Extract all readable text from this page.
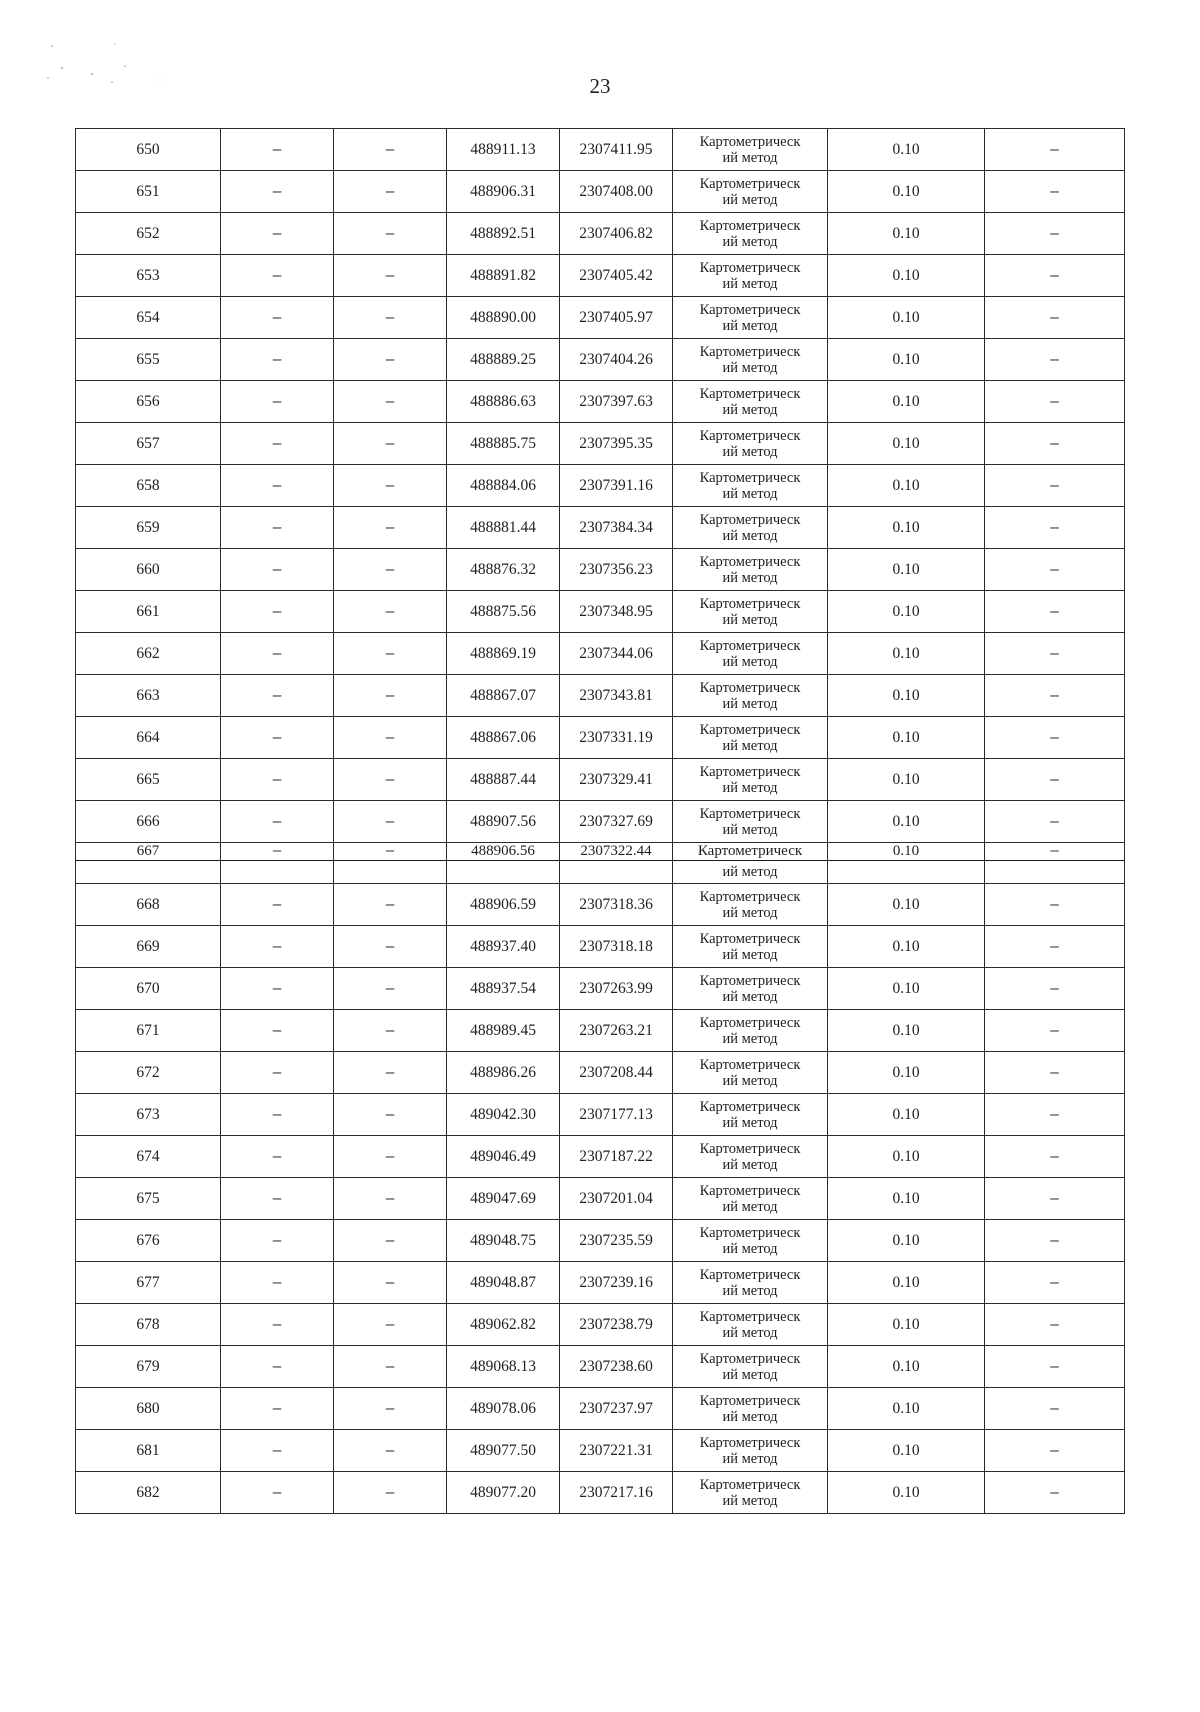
23
650	–	–	488911.13	2307411.95	Картометрическ
ий метод	0.10	–
651	–	–	488906.31	2307408.00	Картометрическ
ий метод	0.10	–
652	–	–	488892.51	2307406.82	Картометрическ
ий метод	0.10	–
653	–	–	488891.82	2307405.42	Картометрическ
ий метод	0.10	–
654	–	–	488890.00	2307405.97	Картометрическ
ий метод	0.10	–
655	–	–	488889.25	2307404.26	Картометрическ
ий метод	0.10	–
656	–	–	488886.63	2307397.63	Картометрическ
ий метод	0.10	–
657	–	–	488885.75	2307395.35	Картометрическ
ий метод	0.10	–
658	–	–	488884.06	2307391.16	Картометрическ
ий метод	0.10	–
659	–	–	488881.44	2307384.34	Картометрическ
ий метод	0.10	–
660	–	–	488876.32	2307356.23	Картометрическ
ий метод	0.10	–
661	–	–	488875.56	2307348.95	Картометрическ
ий метод	0.10	–
662	–	–	488869.19	2307344.06	Картометрическ
ий метод	0.10	–
663	–	–	488867.07	2307343.81	Картометрическ
ий метод	0.10	–
664	–	–	488867.06	2307331.19	Картометрическ
ий метод	0.10	–
665	–	–	488887.44	2307329.41	Картометрическ
ий метод	0.10	–
666	–	–	488907.56	2307327.69	Картометрическ
ий метод	0.10	–
667	–	–	488906.56	2307322.44	Картометрическ	0.10	–
					ий метод		
668	–	–	488906.59	2307318.36	Картометрическ
ий метод	0.10	–
669	–	–	488937.40	2307318.18	Картометрическ
ий метод	0.10	–
670	–	–	488937.54	2307263.99	Картометрическ
ий метод	0.10	–
671	–	–	488989.45	2307263.21	Картометрическ
ий метод	0.10	–
672	–	–	488986.26	2307208.44	Картометрическ
ий метод	0.10	–
673	–	–	489042.30	2307177.13	Картометрическ
ий метод	0.10	–
674	–	–	489046.49	2307187.22	Картометрическ
ий метод	0.10	–
675	–	–	489047.69	2307201.04	Картометрическ
ий метод	0.10	–
676	–	–	489048.75	2307235.59	Картометрическ
ий метод	0.10	–
677	–	–	489048.87	2307239.16	Картометрическ
ий метод	0.10	–
678	–	–	489062.82	2307238.79	Картометрическ
ий метод	0.10	–
679	–	–	489068.13	2307238.60	Картометрическ
ий метод	0.10	–
680	–	–	489078.06	2307237.97	Картометрическ
ий метод	0.10	–
681	–	–	489077.50	2307221.31	Картометрическ
ий метод	0.10	–
682	–	–	489077.20	2307217.16	Картометрическ
ий метод	0.10	–
